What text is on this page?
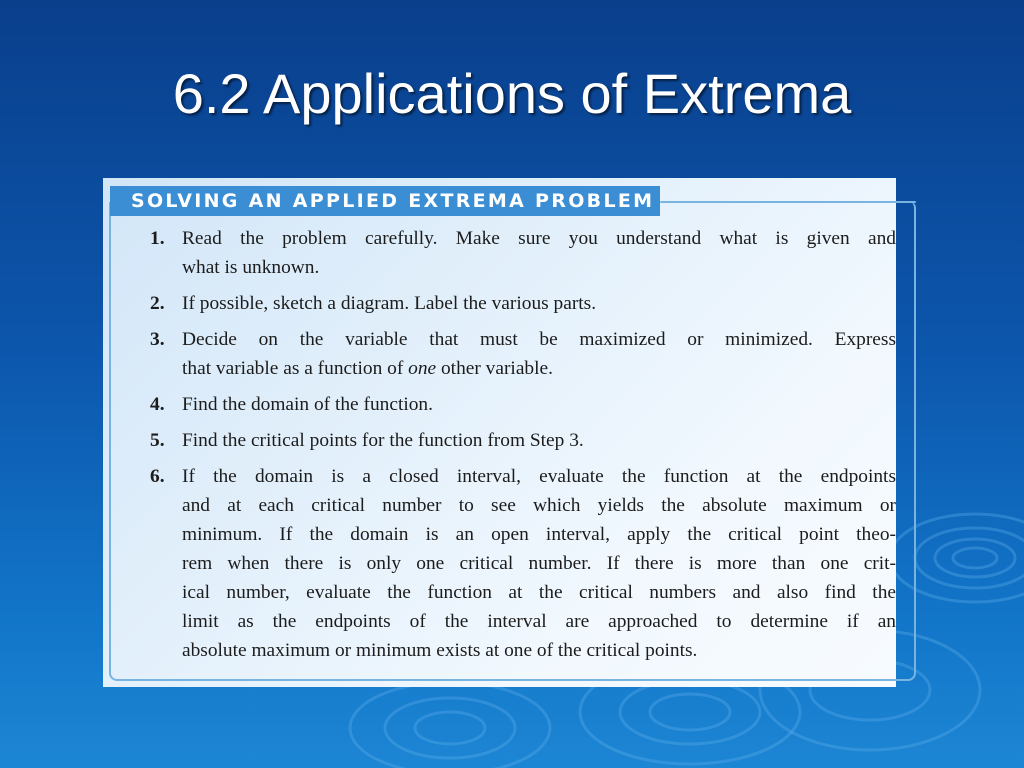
6.2 Applications of Extrema
SOLVING AN APPLIED EXTREMA PROBLEM
1. Read the problem carefully. Make sure you understand what is given and
what is unknown.
2. If possible, sketch a diagram. Label the various parts.
3. Decide on the variable that must be maximized or minimized. Express
that variable as a function of one other variable.
4. Find the domain of the function.
5. Find the critical points for the function from Step 3.
6. If the domain is a closed interval, evaluate the function at the endpoints
and at each critical number to see which yields the absolute maximum or
minimum. If the domain is an open interval, apply the critical point theo-
rem when there is only one critical number. If there is more than one crit-
ical number, evaluate the function at the critical numbers and also find the
limit as the endpoints of the interval are approached to determine if an
absolute maximum or minimum exists at one of the critical points.
